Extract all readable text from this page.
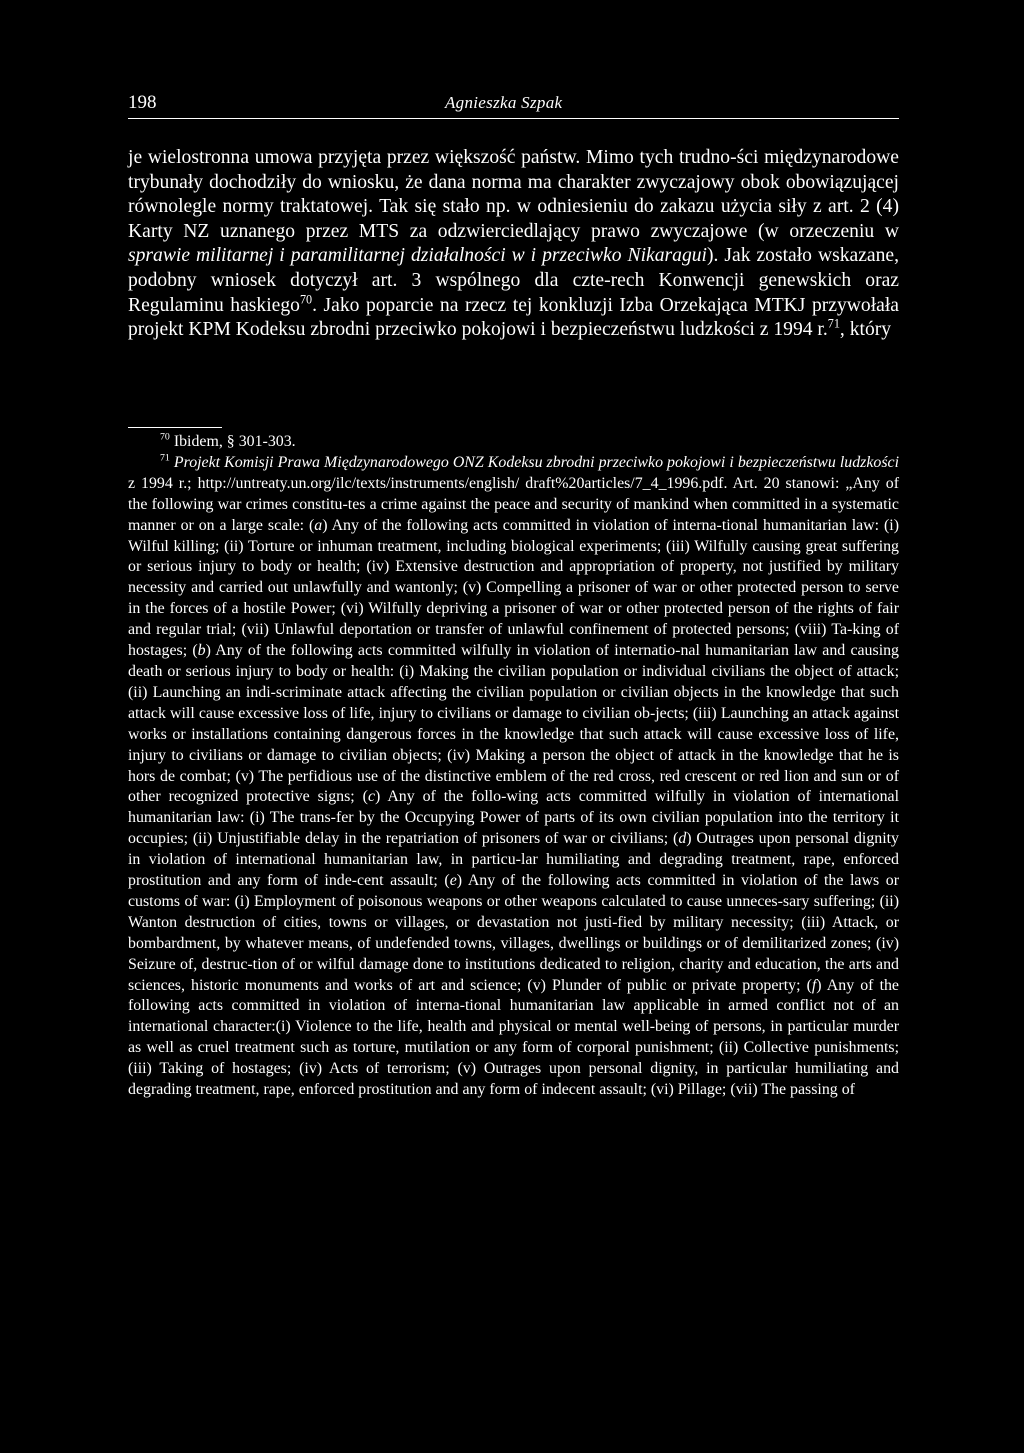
198	Agnieszka Szpak

je wielostronna umowa przyjęta przez większość państw. Mimo tych trudno-ści międzynarodowe trybunały dochodziły do wniosku, że dana norma ma charakter zwyczajowy obok obowiązującej równolegle normy traktatowej. Tak się stało np. w odniesieniu do zakazu użycia siły z art. 2 (4) Karty NZ uznanego przez MTS za odzwierciedlający prawo zwyczajowe (w orzeczeniu w sprawie militarnej i paramilitarnej działalności w i przeciwko Nikaragui). Jak zostało wskazane, podobny wniosek dotyczył art. 3 wspólnego dla czte-rech Konwencji genewskich oraz Regulaminu haskiego$^{70}$. Jako poparcie na rzecz tej konkluzji Izba Orzekająca MTKJ przywołała projekt KPM Kodeksu zbrodni przeciwko pokojowi i bezpieczeństwu ludzkości z 1994 r.$^{71}$, który

$^{70}$ Ibidem, § 301-303.

$^{71}$ Projekt Komisji Prawa Międzynarodowego ONZ Kodeksu zbrodni przeciwko pokojowi i bezpieczeństwu ludzkości z 1994 r.; http://untreaty.un.org/ilc/texts/instruments/english/ draft%20articles/7_4_1996.pdf. Art. 20 stanowi: „Any of the following war crimes constitu-tes a crime against the peace and security of mankind when committed in a systematic manner or on a large scale: (a) Any of the following acts committed in violation of interna-tional humanitarian law: (i) Wilful killing; (ii) Torture or inhuman treatment, including biological experiments; (iii) Wilfully causing great suffering or serious injury to body or health; (iv) Extensive destruction and appropriation of property, not justified by military necessity and carried out unlawfully and wantonly; (v) Compelling a prisoner of war or other protected person to serve in the forces of a hostile Power; (vi) Wilfully depriving a prisoner of war or other protected person of the rights of fair and regular trial; (vii) Unlawful deportation or transfer of unlawful confinement of protected persons; (viii) Ta-king of hostages; (b) Any of the following acts committed wilfully in violation of internatio-nal humanitarian law and causing death or serious injury to body or health: (i) Making the civilian population or individual civilians the object of attack; (ii) Launching an indi-scriminate attack affecting the civilian population or civilian objects in the knowledge that such attack will cause excessive loss of life, injury to civilians or damage to civilian ob-jects; (iii) Launching an attack against works or installations containing dangerous forces in the knowledge that such attack will cause excessive loss of life, injury to civilians or damage to civilian objects; (iv) Making a person the object of attack in the knowledge that he is hors de combat; (v) The perfidious use of the distinctive emblem of the red cross, red crescent or red lion and sun or of other recognized protective signs; (c) Any of the follo-wing acts committed wilfully in violation of international humanitarian law: (i) The trans-fer by the Occupying Power of parts of its own civilian population into the territory it occupies; (ii) Unjustifiable delay in the repatriation of prisoners of war or civilians; (d) Outrages upon personal dignity in violation of international humanitarian law, in particu-lar humiliating and degrading treatment, rape, enforced prostitution and any form of inde-cent assault; (e) Any of the following acts committed in violation of the laws or customs of war: (i) Employment of poisonous weapons or other weapons calculated to cause unneces-sary suffering; (ii) Wanton destruction of cities, towns or villages, or devastation not justi-fied by military necessity; (iii) Attack, or bombardment, by whatever means, of undefended towns, villages, dwellings or buildings or of demilitarized zones; (iv) Seizure of, destruc-tion of or wilful damage done to institutions dedicated to religion, charity and education, the arts and sciences, historic monuments and works of art and science; (v) Plunder of public or private property; (f) Any of the following acts committed in violation of interna-tional humanitarian law applicable in armed conflict not of an international character:(i) Violence to the life, health and physical or mental well-being of persons, in particular murder as well as cruel treatment such as torture, mutilation or any form of corporal punishment; (ii) Collective punishments; (iii) Taking of hostages; (iv) Acts of terrorism; (v) Outrages upon personal dignity, in particular humiliating and degrading treatment, rape, enforced prostitution and any form of indecent assault; (vi) Pillage; (vii) The passing of
